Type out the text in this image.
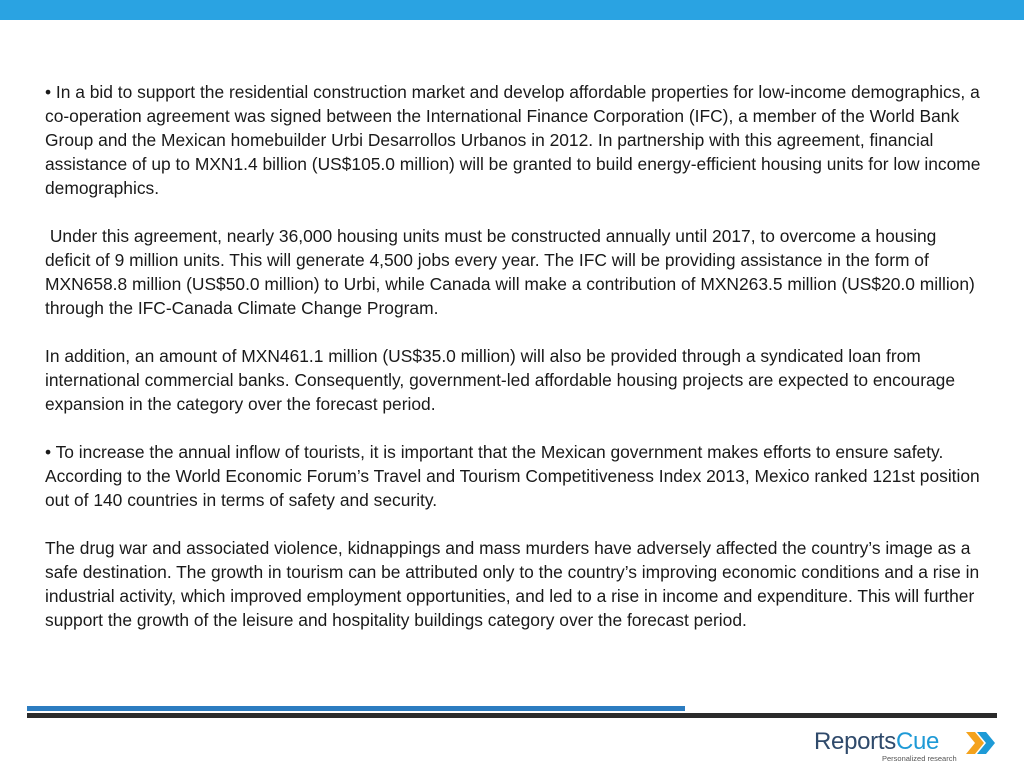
• In a bid to support the residential construction market and develop affordable properties for low-income demographics, a co-operation agreement was signed between the International Finance Corporation (IFC), a member of the World Bank Group and the Mexican homebuilder Urbi Desarrollos Urbanos in 2012. In partnership with this agreement, financial assistance of up to MXN1.4 billion (US$105.0 million) will be granted to build energy-efficient housing units for low income demographics.

Under this agreement, nearly 36,000 housing units must be constructed annually until 2017, to overcome a housing deficit of 9 million units. This will generate 4,500 jobs every year. The IFC will be providing assistance in the form of MXN658.8 million (US$50.0 million) to Urbi, while Canada will make a contribution of MXN263.5 million (US$20.0 million) through the IFC-Canada Climate Change Program.

In addition, an amount of MXN461.1 million (US$35.0 million) will also be provided through a syndicated loan from international commercial banks. Consequently, government-led affordable housing projects are expected to encourage expansion in the category over the forecast period.

• To increase the annual inflow of tourists, it is important that the Mexican government makes efforts to ensure safety. According to the World Economic Forum’s Travel and Tourism Competitiveness Index 2013, Mexico ranked 121st position out of 140 countries in terms of safety and security.

The drug war and associated violence, kidnappings and mass murders have adversely affected the country’s image as a safe destination. The growth in tourism can be attributed only to the country’s improving economic conditions and a rise in industrial activity, which improved employment opportunities, and led to a rise in income and expenditure. This will further support the growth of the leisure and hospitality buildings category over the forecast period.

ReportsCue
Personalized research
